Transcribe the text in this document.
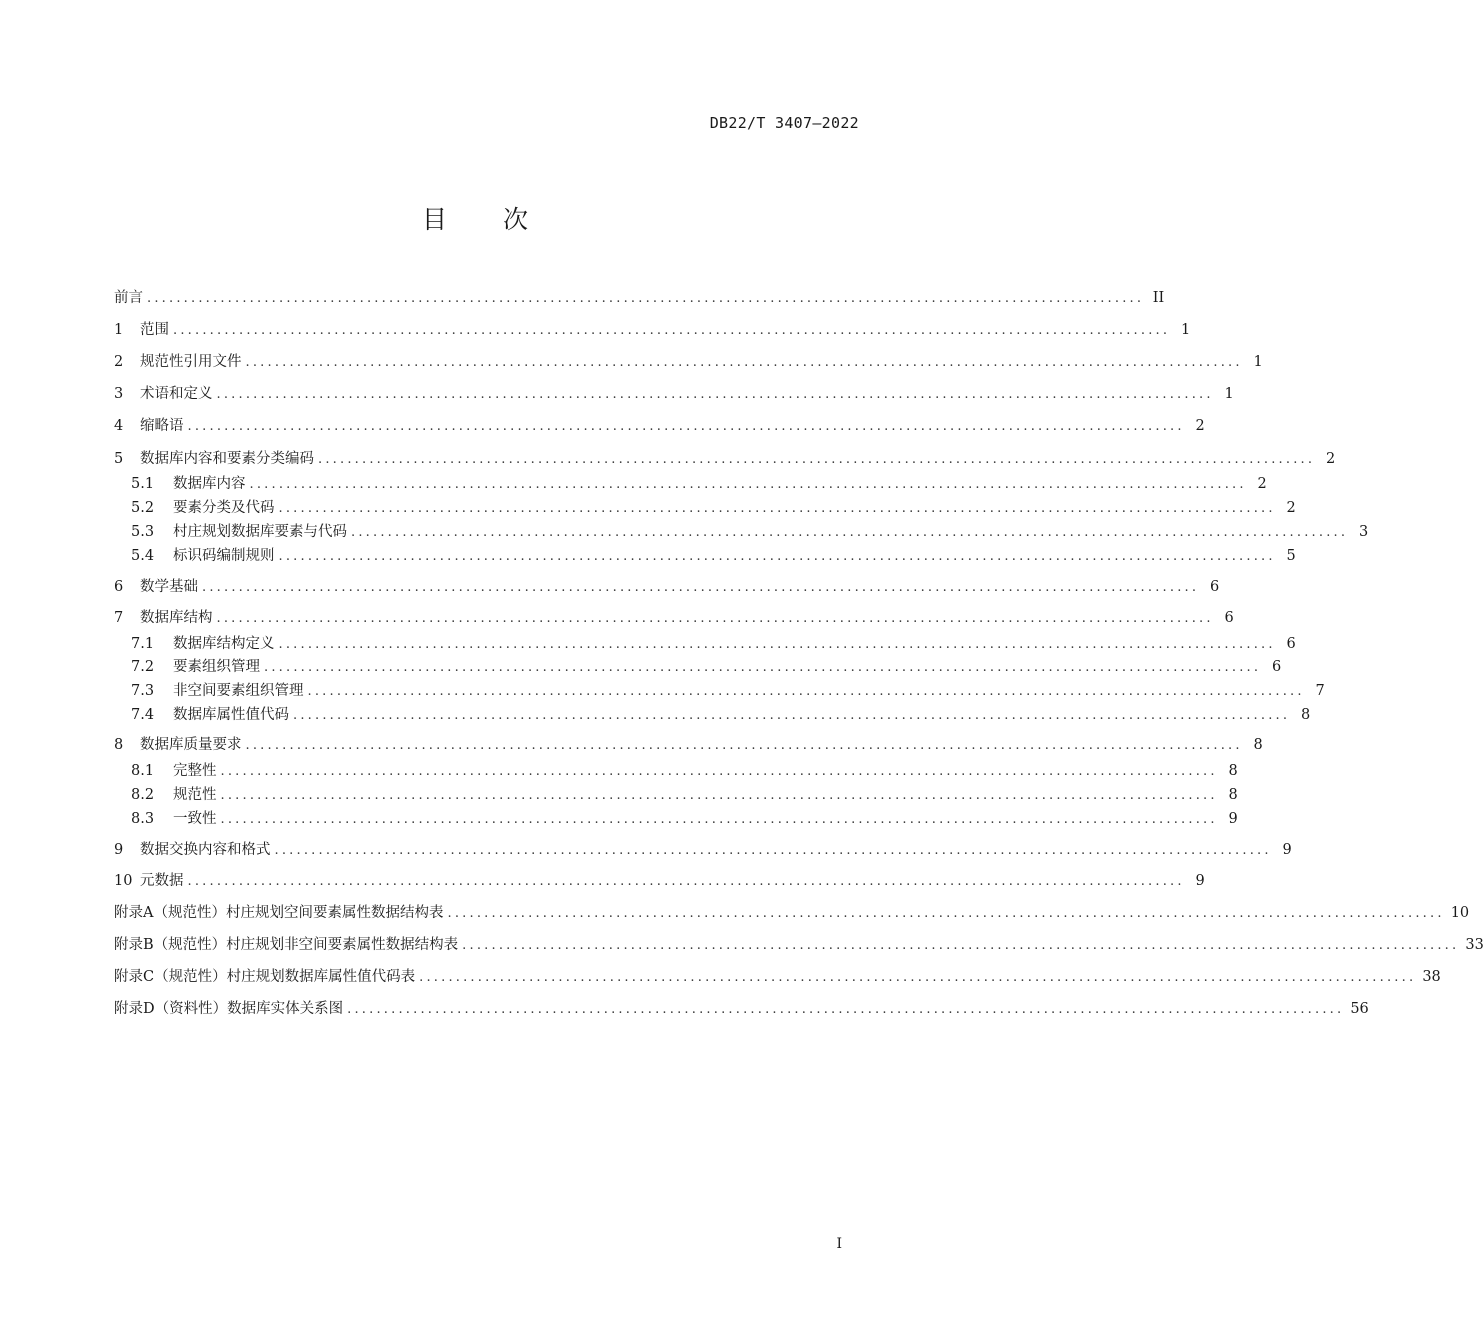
DB22/T 3407—2022
目次
前言 ........................................................................................................................................ II
1	范围 ........................................................................................................................................ 1
2	规范性引用文件 ........................................................................................................................................ 1
3	术语和定义 ........................................................................................................................................ 1
4	缩略语 ........................................................................................................................................ 2
5	数据库内容和要素分类编码 ........................................................................................................................................ 2
5.1	数据库内容 ........................................................................................................................................ 2
5.2	要素分类及代码 ........................................................................................................................................ 2
5.3	村庄规划数据库要素与代码 ........................................................................................................................................ 3
5.4	标识码编制规则 ........................................................................................................................................ 5
6	数学基础 ........................................................................................................................................ 6
7	数据库结构 ........................................................................................................................................ 6
7.1	数据库结构定义 ........................................................................................................................................ 6
7.2	要素组织管理 ........................................................................................................................................ 6
7.3	非空间要素组织管理 ........................................................................................................................................ 7
7.4	数据库属性值代码 ........................................................................................................................................ 8
8	数据库质量要求 ........................................................................................................................................ 8
8.1	完整性 ........................................................................................................................................ 8
8.2	规范性 ........................................................................................................................................ 8
8.3	一致性 ........................................................................................................................................ 9
9	数据交换内容和格式 ........................................................................................................................................ 9
10 元数据 ........................................................................................................................................ 9
附录A（规范性） 村庄规划空间要素属性数据结构表 ........................................................................................................................................ 10
附录B（规范性） 村庄规划非空间要素属性数据结构表 ........................................................................................................................................ 33
附录C（规范性） 村庄规划数据库属性值代码表 ........................................................................................................................................ 38
附录D（资料性） 数据库实体关系图 ........................................................................................................................................ 56
I
